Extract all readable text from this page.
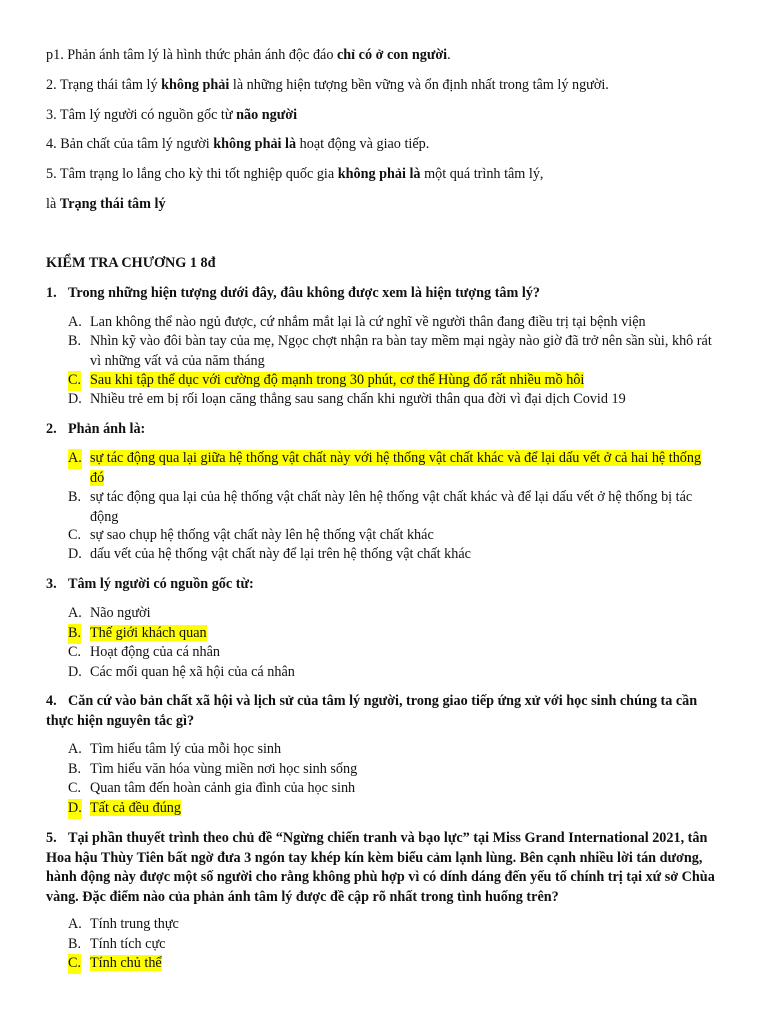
p1. Phản ánh tâm lý là hình thức phản ánh độc đáo chỉ có ở con người.
2. Trạng thái tâm lý không phải là những hiện tượng bền vững và ổn định nhất trong tâm lý người.
3. Tâm lý người có nguồn gốc từ não người
4. Bản chất của tâm lý người không phải là hoạt động và giao tiếp.
5. Tâm trạng lo lắng cho kỳ thi tốt nghiệp quốc gia không phải là một quá trình tâm lý,
là Trạng thái tâm lý
KIỂM TRA CHƯƠNG 1 8đ
1. Trong những hiện tượng dưới đây, đâu không được xem là hiện tượng tâm lý?
A. Lan không thể nào ngủ được, cứ nhắm mắt lại là cứ nghĩ về người thân đang điều trị tại bệnh viện
B. Nhìn kỹ vào đôi bàn tay của mẹ, Ngọc chợt nhận ra bàn tay mềm mại ngày nào giờ đã trở nên sần sùi, khô rát vì những vất vả của năm tháng
C. Sau khi tập thể dục với cường độ mạnh trong 30 phút, cơ thể Hùng đổ rất nhiều mồ hôi
D. Nhiều trẻ em bị rối loạn căng thẳng sau sang chấn khi người thân qua đời vì đại dịch Covid 19
2. Phản ánh là:
A. sự tác động qua lại giữa hệ thống vật chất này với hệ thống vật chất khác và để lại dấu vết ở cả hai hệ thống đó
B. sự tác động qua lại của hệ thống vật chất này lên hệ thống vật chất khác và để lại dấu vết ở hệ thống bị tác động
C. sự sao chụp hệ thống vật chất này lên hệ thống vật chất khác
D. dấu vết của hệ thống vật chất này để lại trên hệ thống vật chất khác
3. Tâm lý người có nguồn gốc từ:
A. Não người
B. Thế giới khách quan
C. Hoạt động của cá nhân
D. Các mối quan hệ xã hội của cá nhân
4. Căn cứ vào bản chất xã hội và lịch sử của tâm lý người, trong giao tiếp ứng xử với học sinh chúng ta cần thực hiện nguyên tắc gì?
A. Tìm hiểu tâm lý của mỗi học sinh
B. Tìm hiểu văn hóa vùng miền nơi học sinh sống
C. Quan tâm đến hoàn cảnh gia đình của học sinh
D. Tất cả đều đúng
5. Tại phần thuyết trình theo chủ đề “Ngừng chiến tranh và bạo lực” tại Miss Grand International 2021, tân Hoa hậu Thùy Tiên bất ngờ đưa 3 ngón tay khép kín kèm biểu cảm lạnh lùng. Bên cạnh nhiều lời tán dương, hành động này được một số người cho rằng không phù hợp vì có dính dáng đến yếu tố chính trị tại xứ sở Chùa vàng. Đặc điểm nào của phản ánh tâm lý được đề cập rõ nhất trong tình huống trên?
A. Tính trung thực
B. Tính tích cực
C. Tính chủ thể
